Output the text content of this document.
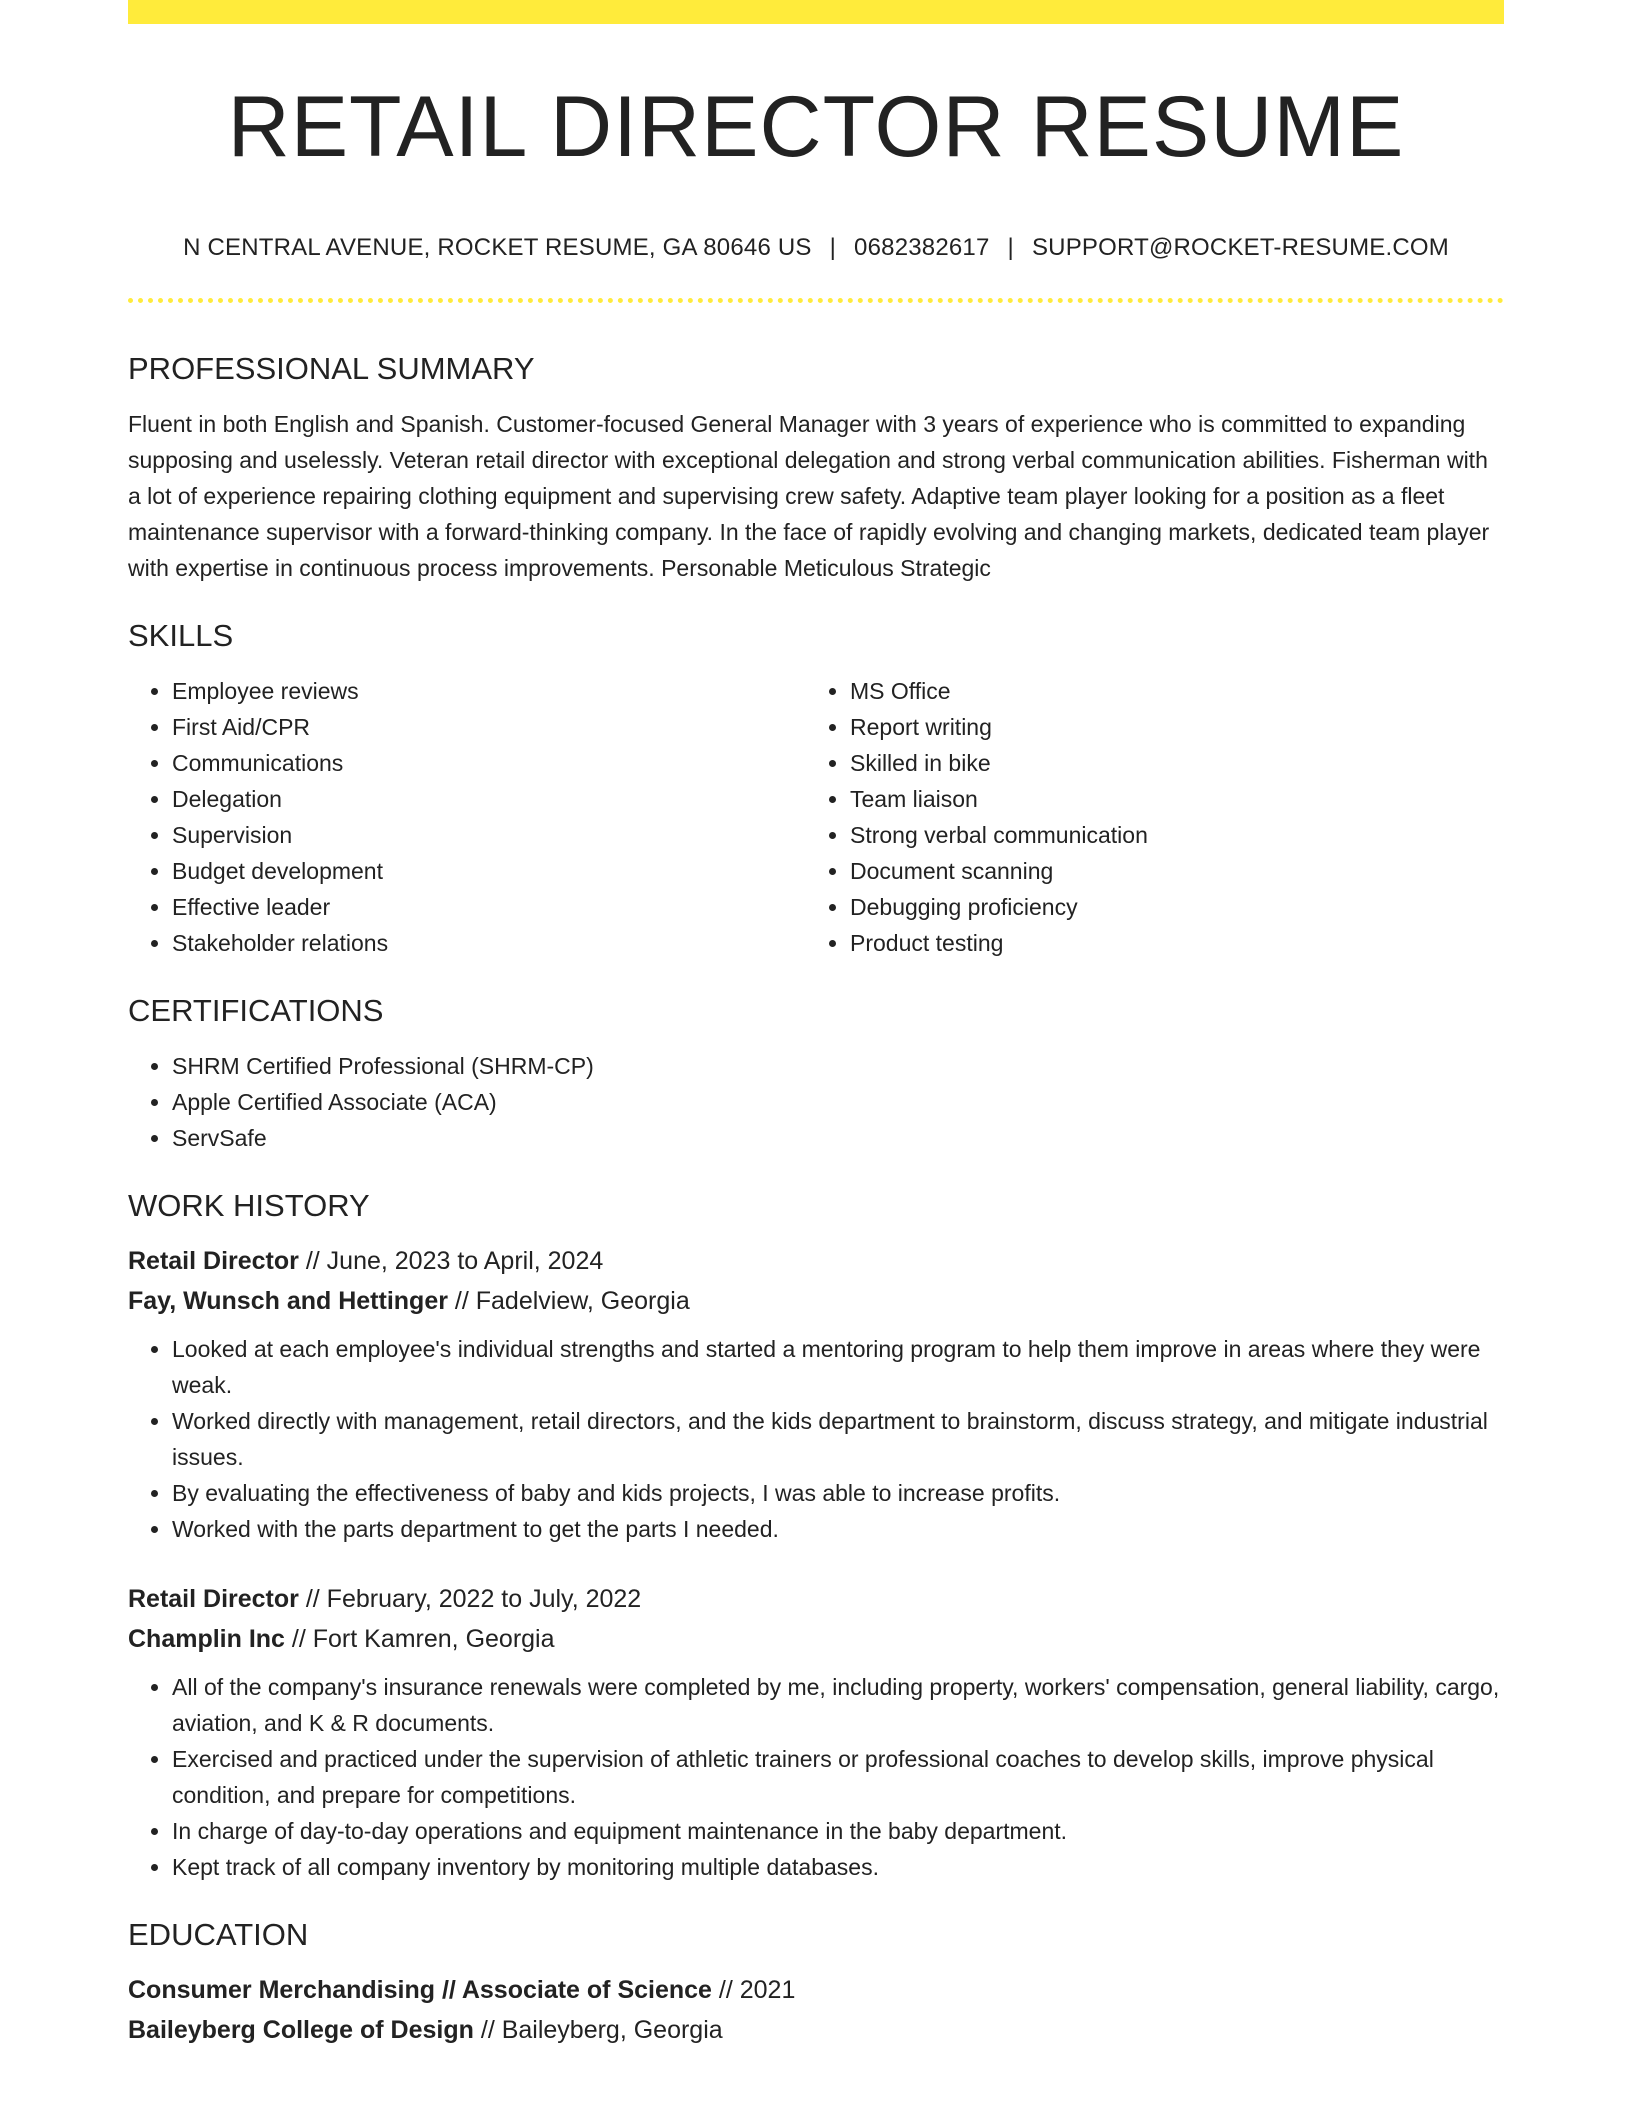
RETAIL DIRECTOR RESUME
N CENTRAL AVENUE, ROCKET RESUME, GA 80646 US | 0682382617 | SUPPORT@ROCKET-RESUME.COM
PROFESSIONAL SUMMARY

Fluent in both English and Spanish. Customer-focused General Manager with 3 years of experience who is committed to expanding supposing and uselessly. Veteran retail director with exceptional delegation and strong verbal communication abilities. Fisherman with a lot of experience repairing clothing equipment and supervising crew safety. Adaptive team player looking for a position as a fleet maintenance supervisor with a forward-thinking company. In the face of rapidly evolving and changing markets, dedicated team player with expertise in continuous process improvements. Personable Meticulous Strategic

SKILLS
• Employee reviews
• First Aid/CPR
• Communications
• Delegation
• Supervision
• Budget development
• Effective leader
• Stakeholder relations
• MS Office
• Report writing
• Skilled in bike
• Team liaison
• Strong verbal communication
• Document scanning
• Debugging proficiency
• Product testing
CERTIFICATIONS
• SHRM Certified Professional (SHRM-CP)
• Apple Certified Associate (ACA)
• ServSafe
WORK HISTORY
Retail Director // June, 2023 to April, 2024
Fay, Wunsch and Hettinger // Fadelview, Georgia
• Looked at each employee's individual strengths and started a mentoring program to help them improve in areas where they were weak.
• Worked directly with management, retail directors, and the kids department to brainstorm, discuss strategy, and mitigate industrial issues.
• By evaluating the effectiveness of baby and kids projects, I was able to increase profits.
• Worked with the parts department to get the parts I needed.
Retail Director // February, 2022 to July, 2022
Champlin Inc // Fort Kamren, Georgia
• All of the company's insurance renewals were completed by me, including property, workers' compensation, general liability, cargo, aviation, and K & R documents.
• Exercised and practiced under the supervision of athletic trainers or professional coaches to develop skills, improve physical condition, and prepare for competitions.
• In charge of day-to-day operations and equipment maintenance in the baby department.
• Kept track of all company inventory by monitoring multiple databases.
EDUCATION
Consumer Merchandising // Associate of Science // 2021
Baileyberg College of Design // Baileyberg, Georgia
